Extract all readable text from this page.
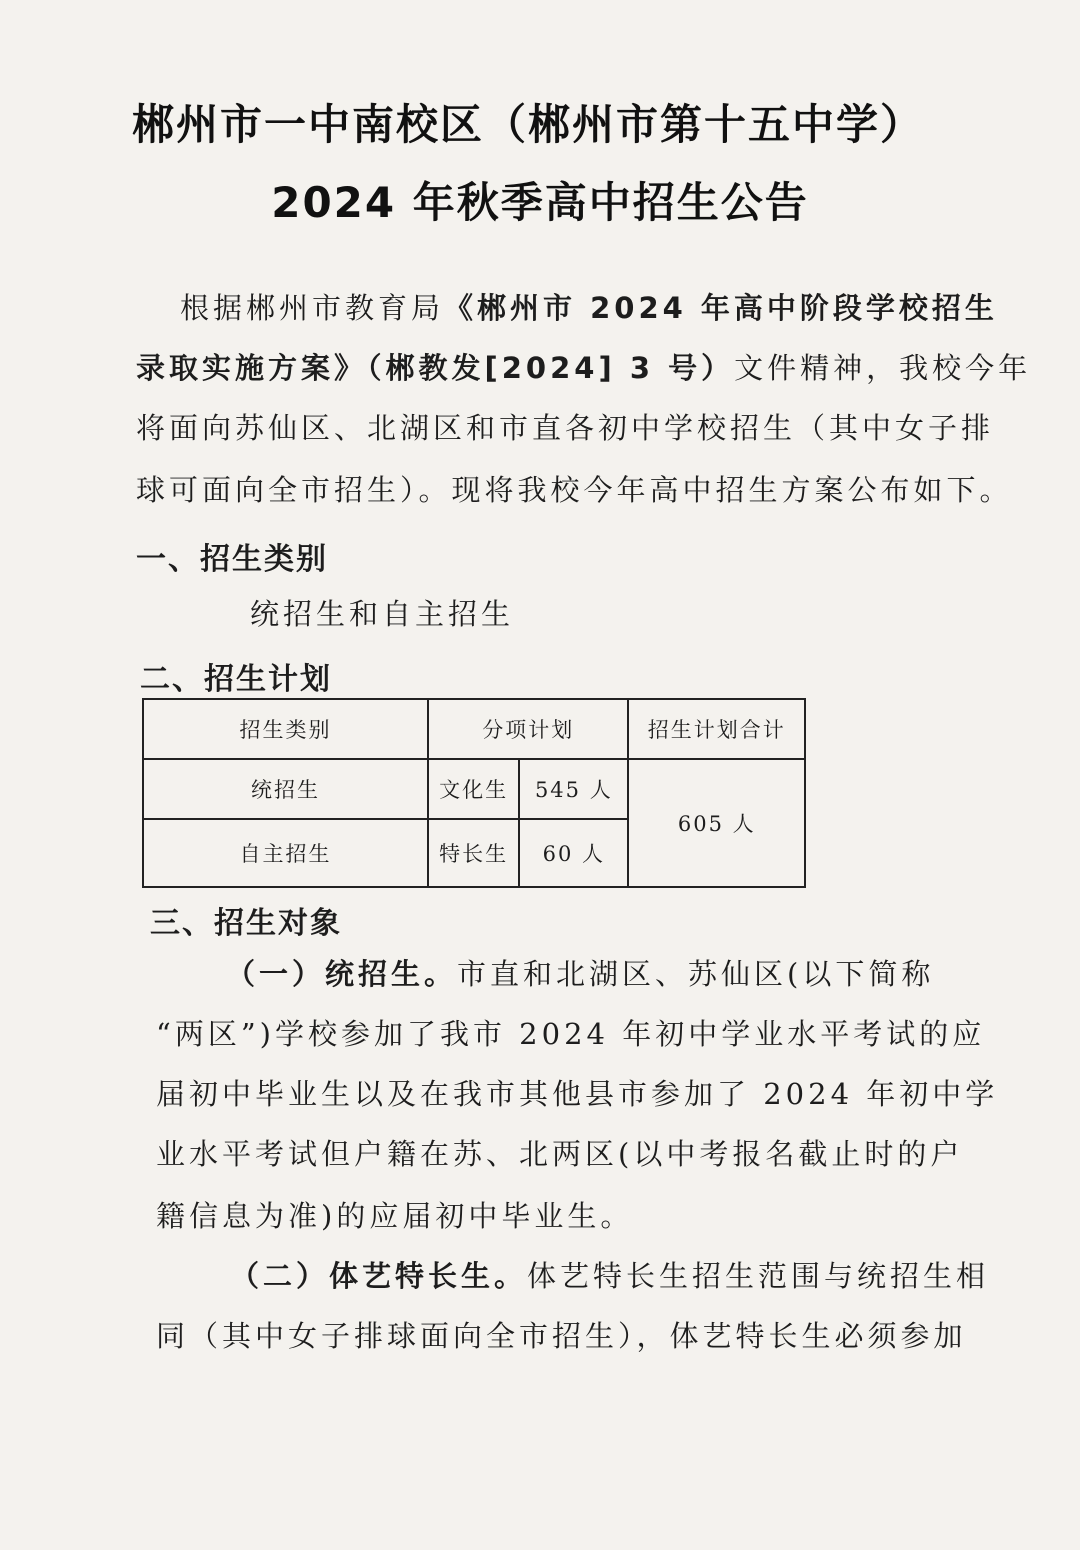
郴州市一中南校区（郴州市第十五中学）
2024 年秋季高中招生公告
根据郴州市教育局《郴州市 2024 年高中阶段学校招生
录取实施方案》（郴教发[2024] 3 号）文件精神，我校今年
将面向苏仙区、北湖区和市直各初中学校招生（其中女子排
球可面向全市招生）。现将我校今年高中招生方案公布如下。
一、招生类别
统招生和自主招生
二、招生计划
招生类别	分项计划		招生计划合计
统招生	文化生	545 人	605 人
自主招生	特长生	60 人	
三、招生对象
（一）统招生。市直和北湖区、苏仙区(以下简称
“两区”)学校参加了我市 2024 年初中学业水平考试的应
届初中毕业生以及在我市其他县市参加了 2024 年初中学
业水平考试但户籍在苏、北两区(以中考报名截止时的户
籍信息为准)的应届初中毕业生。
（二）体艺特长生。体艺特长生招生范围与统招生相
同（其中女子排球面向全市招生），体艺特长生必须参加
